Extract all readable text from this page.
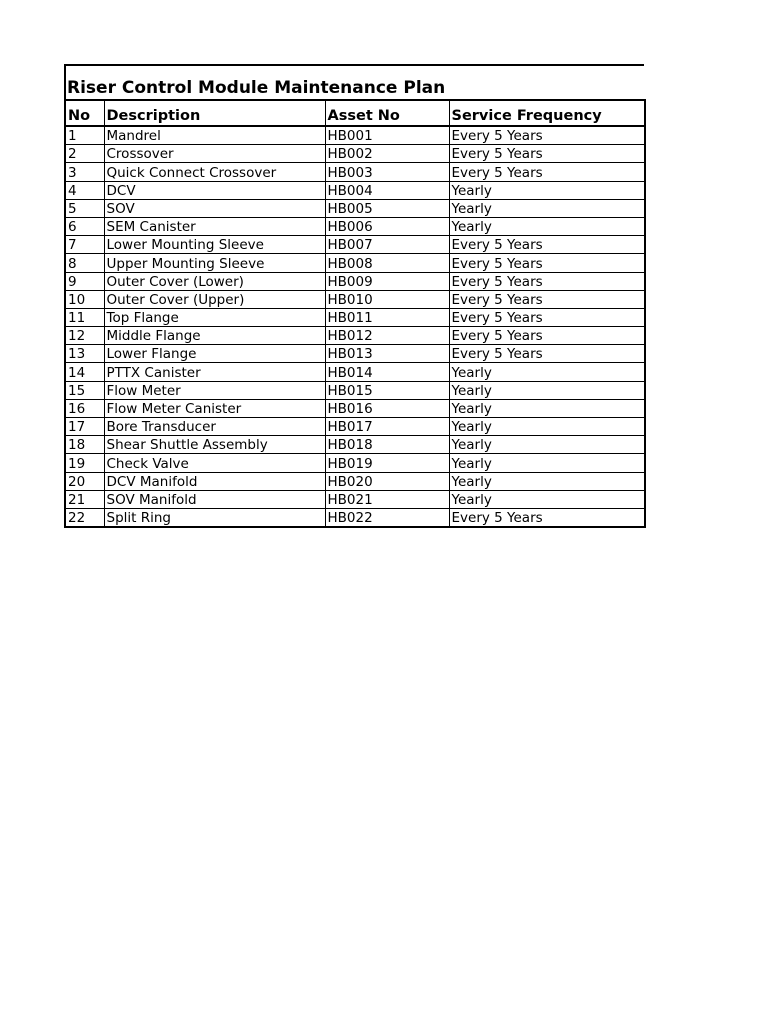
Riser Control Module Maintenance Plan
No	Description	Asset No	Service Frequency
1	Mandrel	HB001	Every 5 Years
2	Crossover	HB002	Every 5 Years
3	Quick Connect Crossover	HB003	Every 5 Years
4	DCV	HB004	Yearly
5	SOV	HB005	Yearly
6	SEM Canister	HB006	Yearly
7	Lower Mounting Sleeve	HB007	Every 5 Years
8	Upper Mounting Sleeve	HB008	Every 5 Years
9	Outer Cover (Lower)	HB009	Every 5 Years
10	Outer Cover (Upper)	HB010	Every 5 Years
11	Top Flange	HB011	Every 5 Years
12	Middle Flange	HB012	Every 5 Years
13	Lower Flange	HB013	Every 5 Years
14	PTTX Canister	HB014	Yearly
15	Flow Meter	HB015	Yearly
16	Flow Meter Canister	HB016	Yearly
17	Bore Transducer	HB017	Yearly
18	Shear Shuttle Assembly	HB018	Yearly
19	Check Valve	HB019	Yearly
20	DCV Manifold	HB020	Yearly
21	SOV Manifold	HB021	Yearly
22	Split Ring	HB022	Every 5 Years
